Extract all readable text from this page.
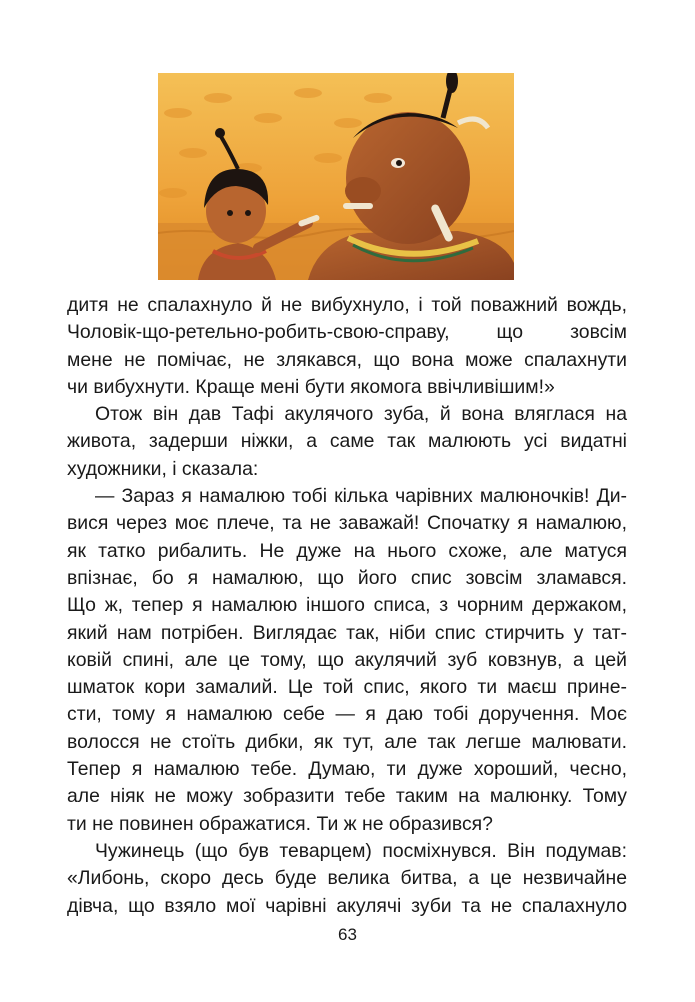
дитя не спалахнуло й не вибухнуло, і той поважний вождь,
Чоловік-що-ретельно-робить-свою-справу, що зовсім
мене не помічає, не злякався, що вона може спалахнути
чи вибухнути. Краще мені бути якомога ввічливішим!»

Отож він дав Тафі акулячого зуба, й вона вляглася на
живота, задерши ніжки, а саме так малюють усі видатні
художники, і сказала:

— Зараз я намалюю тобі кілька чарівних малюночків! Ди-
вися через моє плече, та не заважай! Спочатку я намалюю,
як татко рибалить. Не дуже на нього схоже, але матуся
впізнає, бо я намалюю, що його спис зовсім зламався.
Що ж, тепер я намалюю іншого списа, з чорним держаком,
який нам потрібен. Виглядає так, ніби спис стирчить у тат-
ковій спині, але це тому, що акулячий зуб ковзнув, а цей
шматок кори замалий. Це той спис, якого ти маєш прине-
сти, тому я намалюю себе — я даю тобі доручення. Моє
волосся не стоїть дибки, як тут, але так легше малювати.
Тепер я намалюю тебе. Думаю, ти дуже хороший, чесно,
але ніяк не можу зобразити тебе таким на малюнку. Тому
ти не повинен ображатися. Ти ж не образився?

Чужинець (що був теварцем) посміхнувся. Він подумав:
«Либонь, скоро десь буде велика битва, а це незвичайне
дівча, що взяло мої чарівні акулячі зуби та не спалахнуло

63
